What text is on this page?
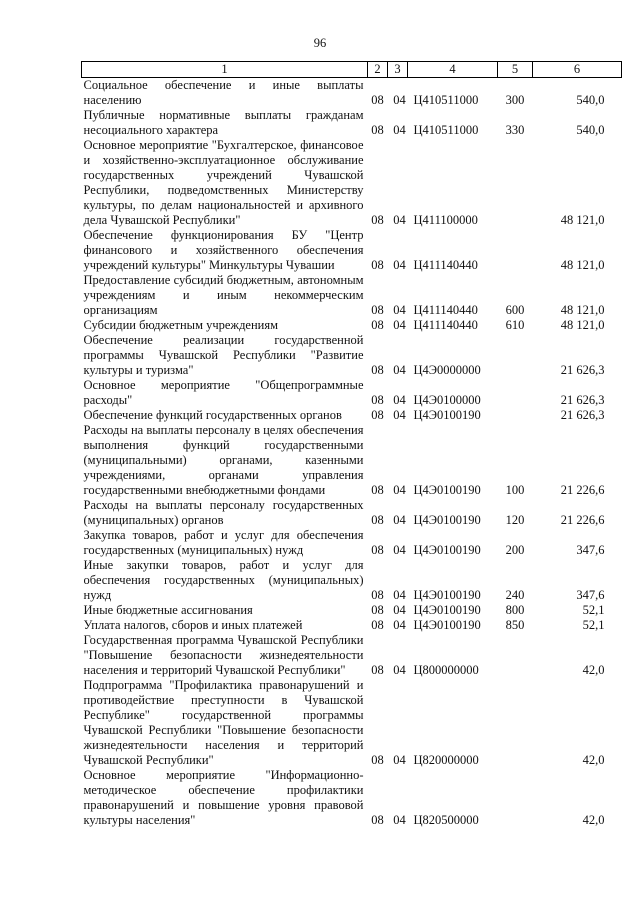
96
1	2	3	4	5	6
Социальное обеспечение и иные выплаты населению	08	04	Ц410511000	300	540,0
Публичные нормативные выплаты гражданам несоциального характера	08	04	Ц410511000	330	540,0
Основное мероприятие "Бухгалтерское, финансовое и хозяйственно-эксплуатационное обслуживание государственных учреждений Чувашской Республики, подведомственных Министерству культуры, по делам национальностей и архивного дела Чувашской Республики"	08	04	Ц411100000		48 121,0
Обеспечение функционирования БУ "Центр финансового и хозяйственного обеспечения учреждений культуры" Минкультуры Чувашии	08	04	Ц411140440		48 121,0
Предоставление субсидий бюджетным, автономным учреждениям и иным некоммерческим организациям	08	04	Ц411140440	600	48 121,0
Субсидии бюджетным учреждениям	08	04	Ц411140440	610	48 121,0
Обеспечение реализации государственной программы Чувашской Республики "Развитие культуры и туризма"	08	04	Ц4Э0000000		21 626,3
Основное мероприятие "Общепрограммные расходы"	08	04	Ц4Э0100000		21 626,3
Обеспечение функций государственных органов	08	04	Ц4Э0100190		21 626,3
Расходы на выплаты персоналу в целях обеспечения выполнения функций государственными (муниципальными) органами, казенными учреждениями, органами управления государственными внебюджетными фондами	08	04	Ц4Э0100190	100	21 226,6
Расходы на выплаты персоналу государственных (муниципальных) органов	08	04	Ц4Э0100190	120	21 226,6
Закупка товаров, работ и услуг для обеспечения государственных (муниципальных) нужд	08	04	Ц4Э0100190	200	347,6
Иные закупки товаров, работ и услуг для обеспечения государственных (муниципальных) нужд	08	04	Ц4Э0100190	240	347,6
Иные бюджетные ассигнования	08	04	Ц4Э0100190	800	52,1
Уплата налогов, сборов и иных платежей	08	04	Ц4Э0100190	850	52,1
Государственная программа Чувашской Республики "Повышение безопасности жизнедеятельности населения и территорий Чувашской Республики"	08	04	Ц800000000		42,0
Подпрограмма "Профилактика правонарушений и противодействие преступности в Чувашской Республике" государственной программы Чувашской Республики "Повышение безопасности жизнедеятельности населения и территорий Чувашской Республики"	08	04	Ц820000000		42,0
Основное мероприятие "Информационно-методическое обеспечение профилактики правонарушений и повышение уровня правовой культуры населения"	08	04	Ц820500000		42,0
